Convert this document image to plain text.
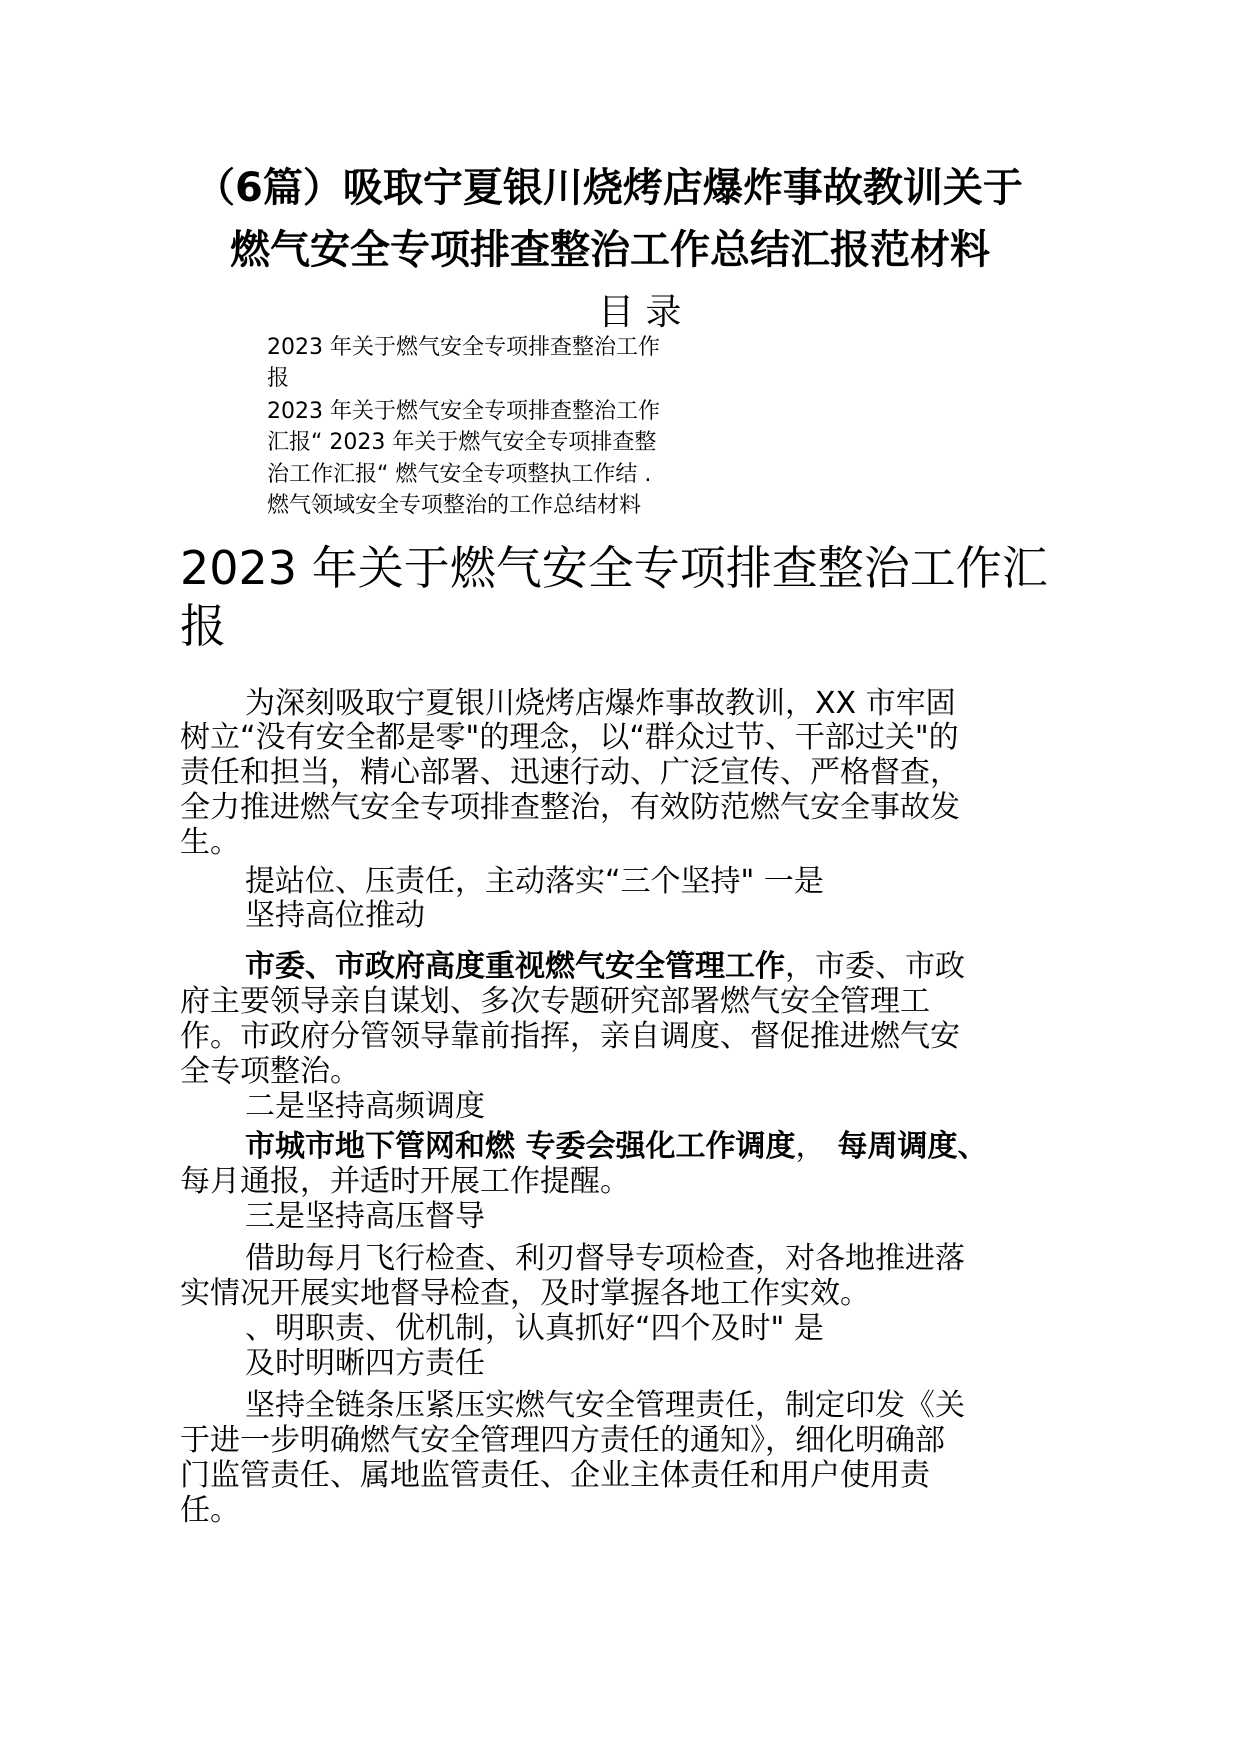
（6篇）吸取宁夏银川烧烤店爆炸事故教训关于
燃气安全专项排查整治工作总结汇报范材料
目 录
2023 年关于燃气安全专项排查整治工作
报
2023 年关于燃气安全专项排查整治工作
汇报“ 2023 年关于燃气安全专项排查整
治工作汇报“ 燃气安全专项整执工作结 .
燃气领域安全专项整治的工作总结材料
2023 年关于燃气安全专项排查整治工作汇
报
为深刻吸取宁夏银川烧烤店爆炸事故教训，XX 市牢固
树立“没有安全都是零"的理念，以“群众过节、干部过关"的
责任和担当，精心部署、迅速行动、广泛宣传、严格督查，
全力推进燃气安全专项排查整治，有效防范燃气安全事故发
生。
提站位、压责任，主动落实“三个坚持" 一是
坚持高位推动
市委、市政府高度重视燃气安全管理工作，市委、市政
府主要领导亲自谋划、多次专题研究部署燃气安全管理工
作。市政府分管领导靠前指挥，亲自调度、督促推进燃气安
全专项整治。
二是坚持高频调度
市城市地下管网和燃 专委会强化工作调度， 每周调度、
每月通报，并适时开展工作提醒。
三是坚持高压督导
借助每月飞行检查、利刃督导专项检查，对各地推进落
实情况开展实地督导检查，及时掌握各地工作实效。
、明职责、优机制，认真抓好“四个及时" 是
及时明晰四方责任
坚持全链条压紧压实燃气安全管理责任，制定印发《关
于进一步明确燃气安全管理四方责任的通知》，细化明确部
门监管责任、属地监管责任、企业主体责任和用户使用责
任。
